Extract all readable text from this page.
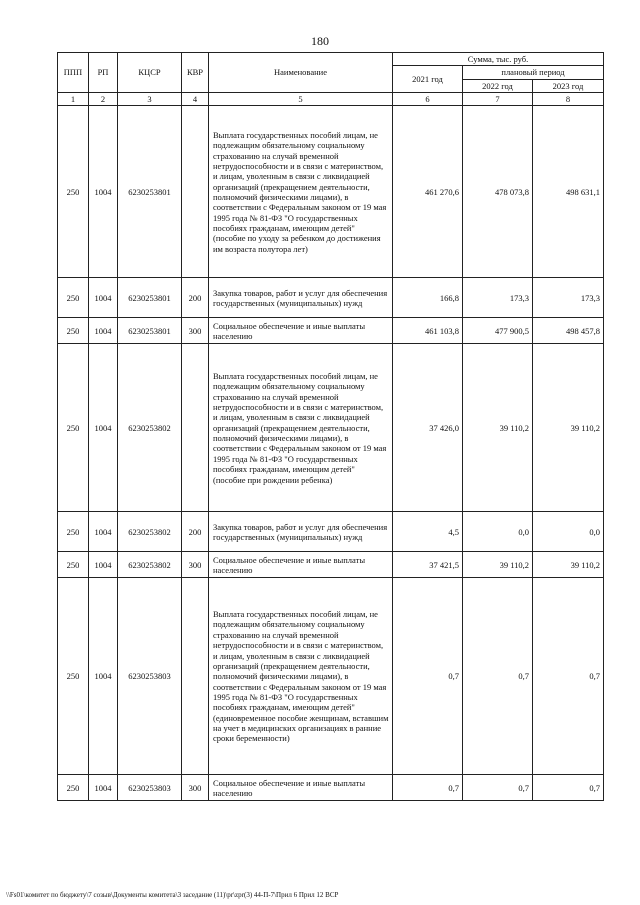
180
ППП	РП	КЦСР	КВР	Наименование	Сумма, тыс. руб.		
					2021 год	плановый период	
						2022 год	2023 год
1	2	3	4	5	6	7	8
250	1004	6230253801		Выплата государственных пособий лицам, не подлежащим обязательному социальному страхованию на случай временной нетрудоспособности и в связи с материнством, и лицам, уволенным в связи с ликвидацией организаций (прекращением деятельности, полномочий физическими лицами), в соответствии с Федеральным законом от 19 мая 1995 года № 81-ФЗ "О государственных пособиях гражданам, имеющим детей" (пособие по уходу за ребенком до достижения им возраста полутора лет)	461 270,6	478 073,8	498 631,1
250	1004	6230253801	200	Закупка товаров, работ и услуг для обеспечения государственных (муниципальных) нужд	166,8	173,3	173,3
250	1004	6230253801	300	Социальное обеспечение и иные выплаты населению	461 103,8	477 900,5	498 457,8
250	1004	6230253802		Выплата государственных пособий лицам, не подлежащим обязательному социальному страхованию на случай временной нетрудоспособности и в связи с материнством, и лицам, уволенным в связи с ликвидацией организаций (прекращением деятельности, полномочий физическими лицами), в соответствии с Федеральным законом от 19 мая 1995 года № 81-ФЗ "О государственных пособиях гражданам, имеющим детей" (пособие при рождении ребенка)	37 426,0	39 110,2	39 110,2
250	1004	6230253802	200	Закупка товаров, работ и услуг для обеспечения государственных (муниципальных) нужд	4,5	0,0	0,0
250	1004	6230253802	300	Социальное обеспечение и иные выплаты населению	37 421,5	39 110,2	39 110,2
250	1004	6230253803		Выплата государственных пособий лицам, не подлежащим обязательному социальному страхованию на случай временной нетрудоспособности и в связи с материнством, и лицам, уволенным в связи с ликвидацией организаций (прекращением деятельности, полномочий физическими лицами), в соответствии с Федеральным законом от 19 мая 1995 года № 81-ФЗ "О государственных пособиях гражданам, имеющим детей" (единовременное пособие женщинам, вставшим на учет в медицинских организациях в ранние сроки беременности)	0,7	0,7	0,7
250	1004	6230253803	300	Социальное обеспечение и иные выплаты населению	0,7	0,7	0,7
\\Fs01\комитет по бюджету\7 созыв\Документы комитета\3 заседание (11)\pr\zpr(3) 44-П-7\Прил 6 Прил 12 ВСР
